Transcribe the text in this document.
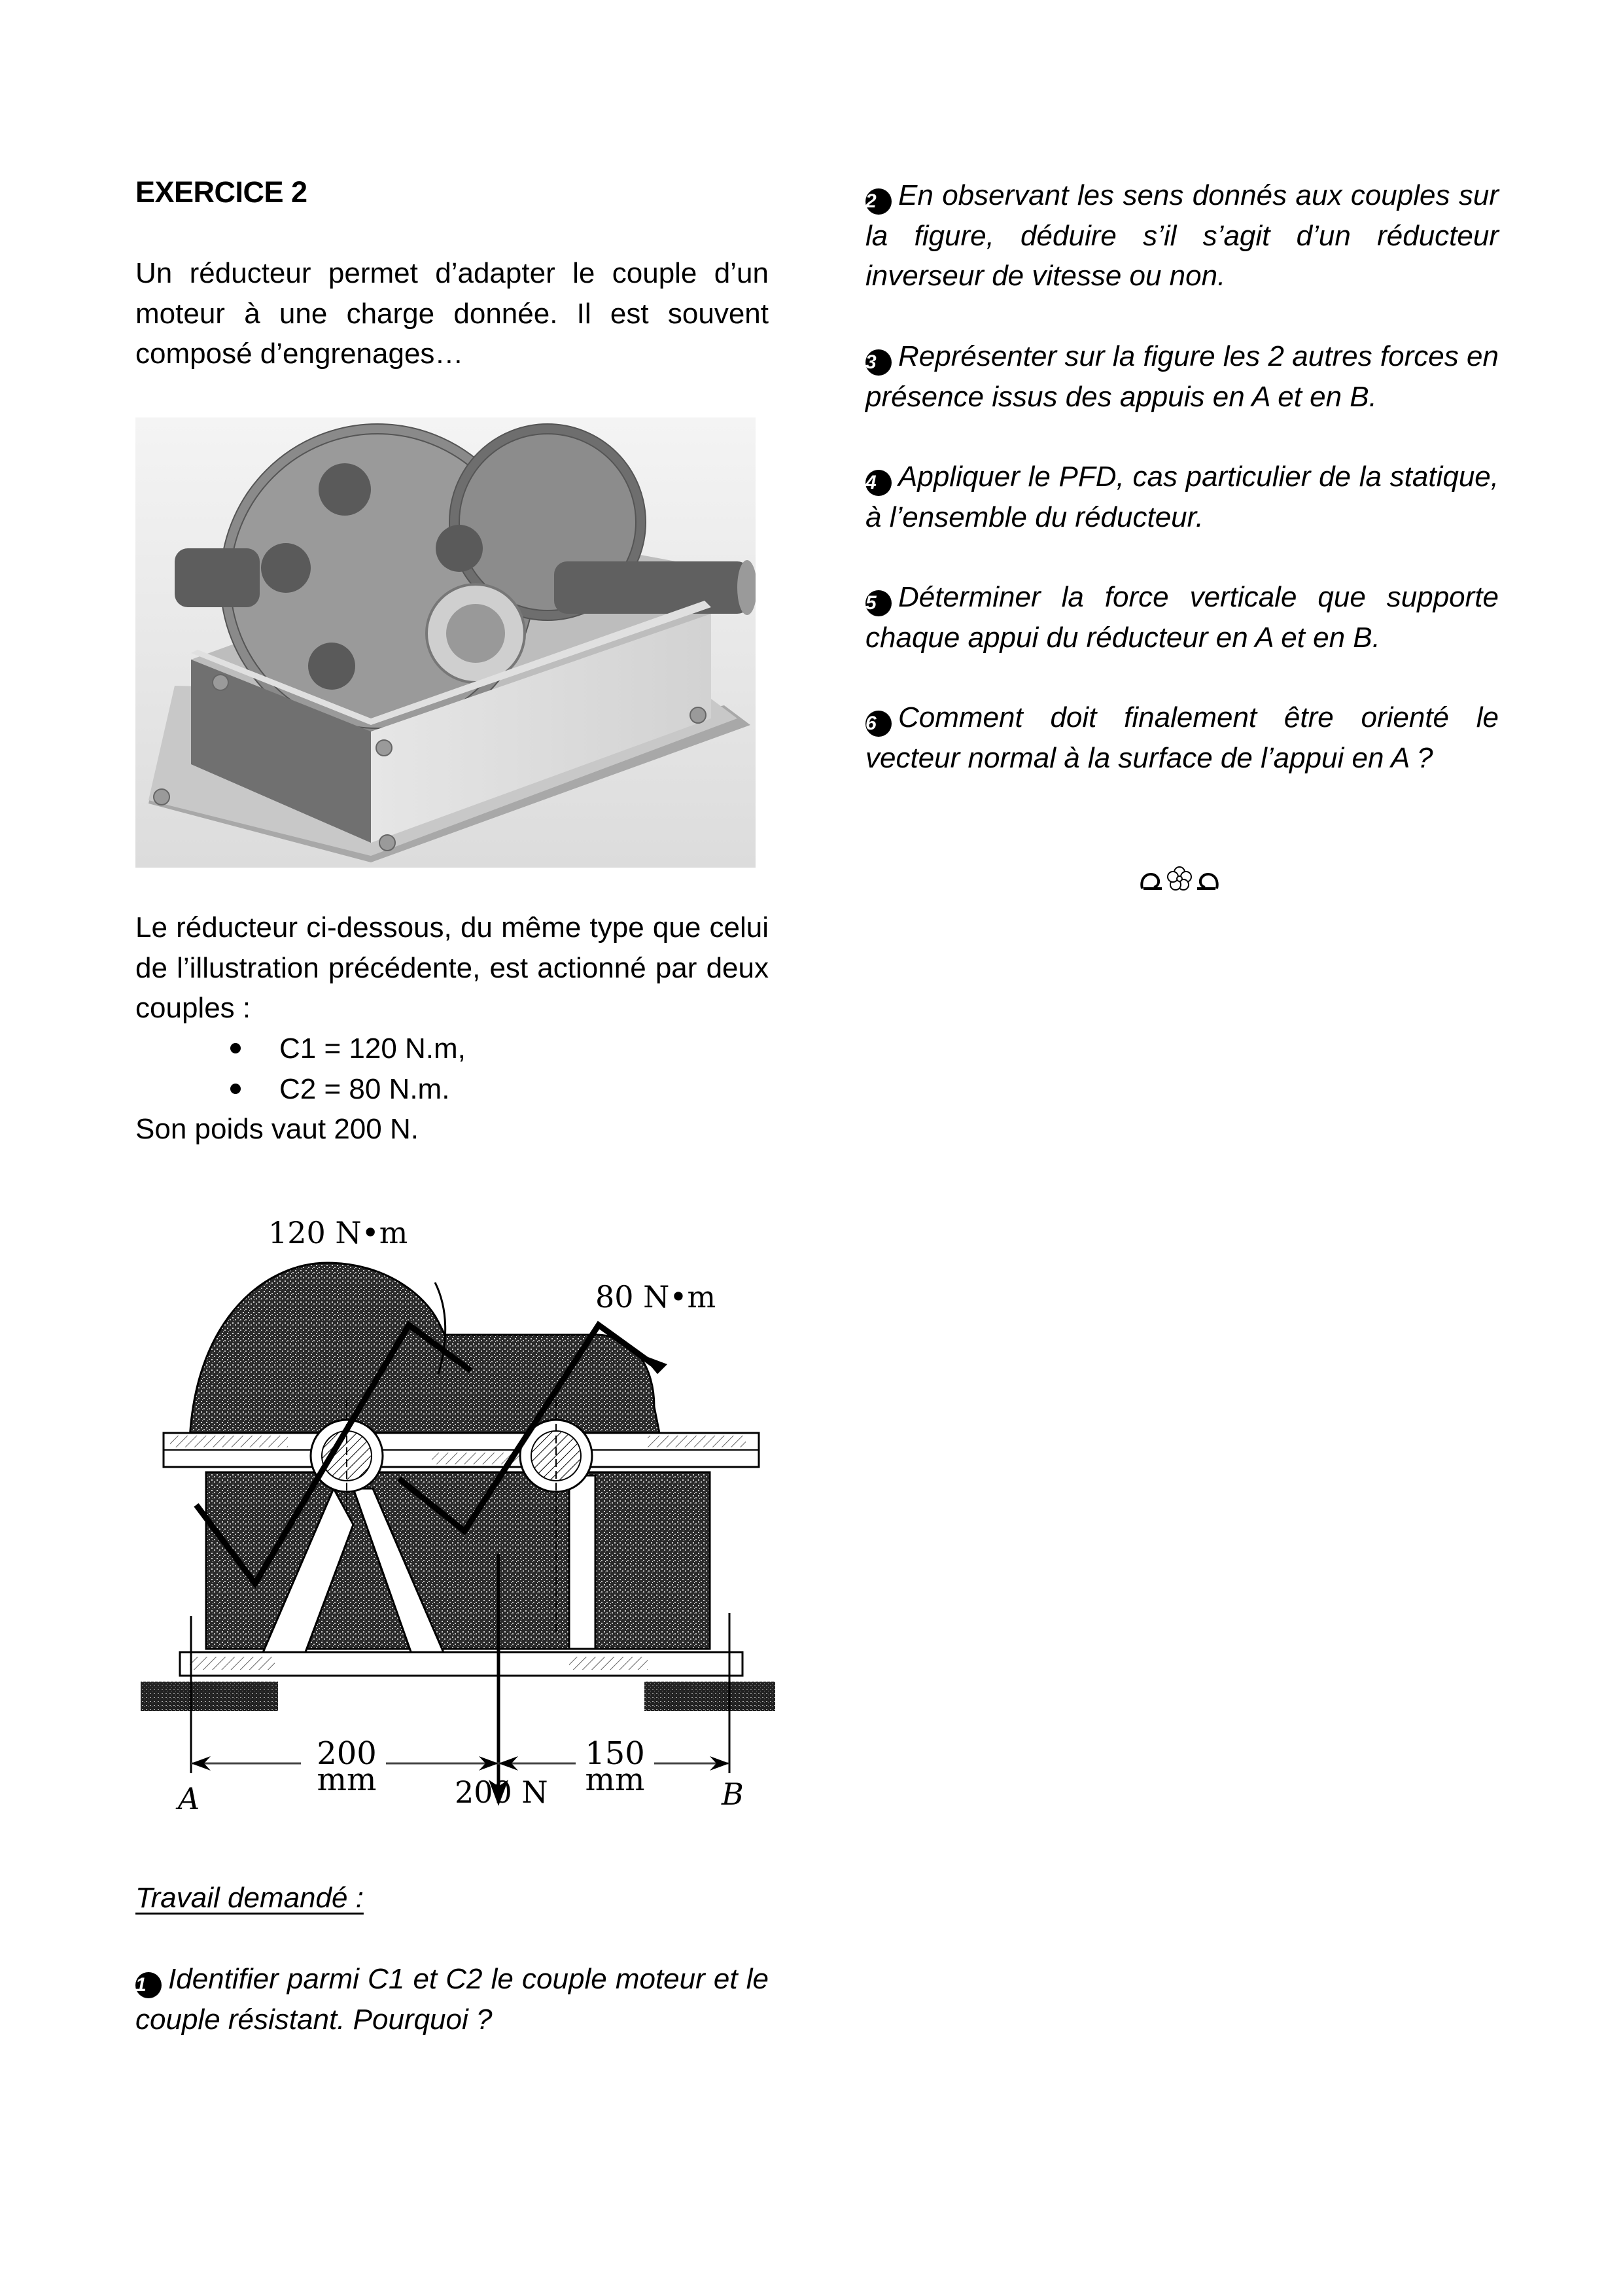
EXERCICE 2
Un réducteur permet d’adapter le couple d’un moteur à une charge donnée. Il est souvent composé d’engrenages…
Le réducteur ci-dessous, du même type que celui de l’illustration précédente, est actionné par deux couples :
C1 = 120 N.m,
C2 = 80 N.m.
Son poids vaut 200 N.
120 N•m
80 N•m
200
mm
150
mm
A	B
200 N
Travail demandé :
1 Identifier parmi C1 et C2 le couple moteur et le couple résistant. Pourquoi ?
2 En observant les sens donnés aux couples sur la figure, déduire s’il s’agit d’un réducteur inverseur de vitesse ou non.
3 Représenter sur la figure les 2 autres forces en présence issus des appuis en A et en B.
4 Appliquer le PFD, cas particulier de la statique, à l’ensemble du réducteur.
5 Déterminer la force verticale que supporte chaque appui du réducteur en A et en B.
6 Comment doit finalement être orienté le vecteur normal à la surface de l’appui en A ?
